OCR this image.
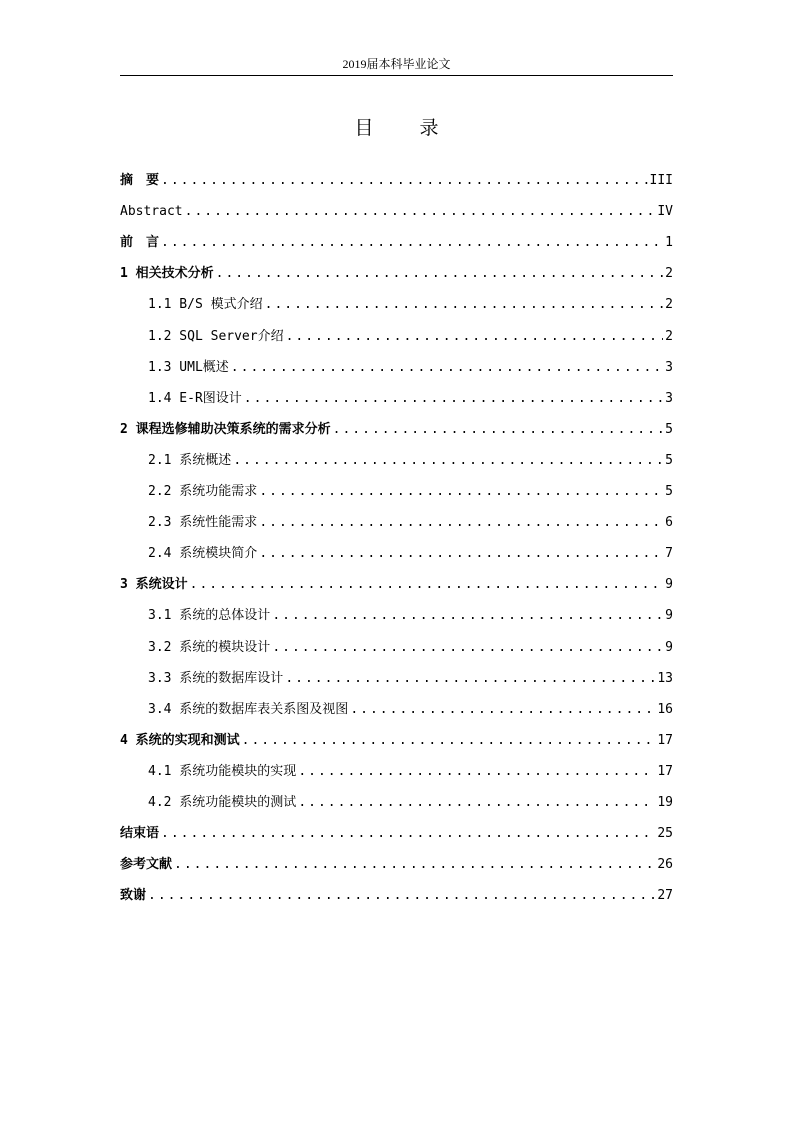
2019届本科毕业论文
目 录
摘　要 .....	III
Abstract .....	IV
前　言 .....	1
1 相关技术分析 .....	2
1.1 B/S 模式介绍 .....	2
1.2 SQL Server介绍 .....	2
1.3 UML概述 .....	3
1.4 E-R图设计 .....	3
2 课程选修辅助决策系统的需求分析 .....	5
2.1 系统概述 .....	5
2.2 系统功能需求 .....	5
2.3 系统性能需求 .....	6
2.4 系统模块简介 .....	7
3 系统设计 .....	9
3.1 系统的总体设计 .....	9
3.2 系统的模块设计 .....	9
3.3 系统的数据库设计 .....	13
3.4 系统的数据库表关系图及视图 .....	16
4 系统的实现和测试 .....	17
4.1 系统功能模块的实现 .....	17
4.2 系统功能模块的测试 .....	19
结束语 .....	25
参考文献 .....	26
致谢 .....	27
